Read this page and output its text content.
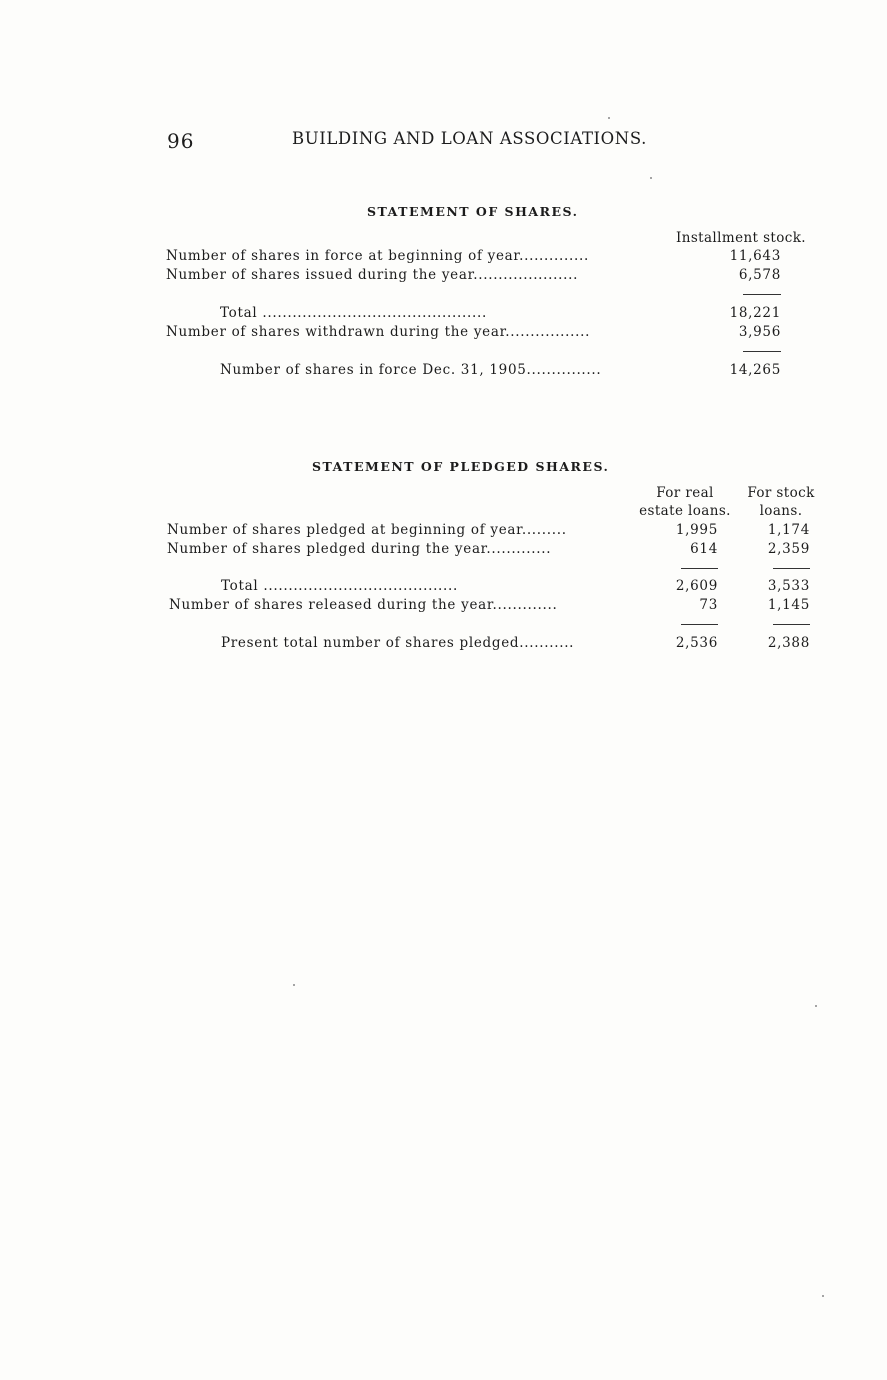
96	BUILDING AND LOAN ASSOCIATIONS.
STATEMENT OF SHARES.
Installment stock.
Number of shares in force at beginning of year..............	11,643
Number of shares issued during the year.....................	6,578
Total .............................................	18,221
Number of shares withdrawn during the year.................	3,956
Number of shares in force Dec. 31, 1905...............	14,265
STATEMENT OF PLEDGED SHARES.
For real
estate loans.
For stock
loans.
Number of shares pledged at beginning of year.........	1,995	1,174
Number of shares pledged during the year.............	614	2,359
Total .......................................	2,609	3,533
Number of shares released during the year.............	73	1,145
Present total number of shares pledged...........	2,536	2,388
